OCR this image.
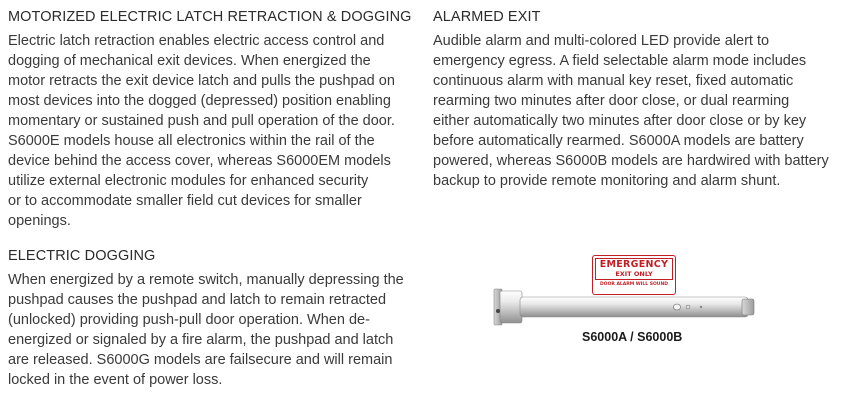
MOTORIZED ELECTRIC LATCH RETRACTION & DOGGING

Electric latch retraction enables electric access control and
dogging of mechanical exit devices. When energized the
motor retracts the exit device latch and pulls the pushpad on
most devices into the dogged (depressed) position enabling
momentary or sustained push and pull operation of the door.
S6000E models house all electronics within the rail of the
device behind the access cover, whereas S6000EM models
utilize external electronic modules for enhanced security
or to accommodate smaller field cut devices for smaller
openings.

ALARMED EXIT

Audible alarm and multi-colored LED provide alert to
emergency egress. A field selectable alarm mode includes
continuous alarm with manual key reset, fixed automatic
rearming two minutes after door close, or dual rearming
either automatically two minutes after door close or by key
before automatically rearmed. S6000A models are battery
powered, whereas S6000B models are hardwired with battery
backup to provide remote monitoring and alarm shunt.

ELECTRIC DOGGING

When energized by a remote switch, manually depressing the
pushpad causes the pushpad and latch to remain retracted
(unlocked) providing push-pull door operation. When de-
energized or signaled by a fire alarm, the pushpad and latch
are released. S6000G models are failsecure and will remain
locked in the event of power loss.

EMERGENCY
EXIT ONLY
DOOR ALARM WILL SOUND
S6000A / S6000B
